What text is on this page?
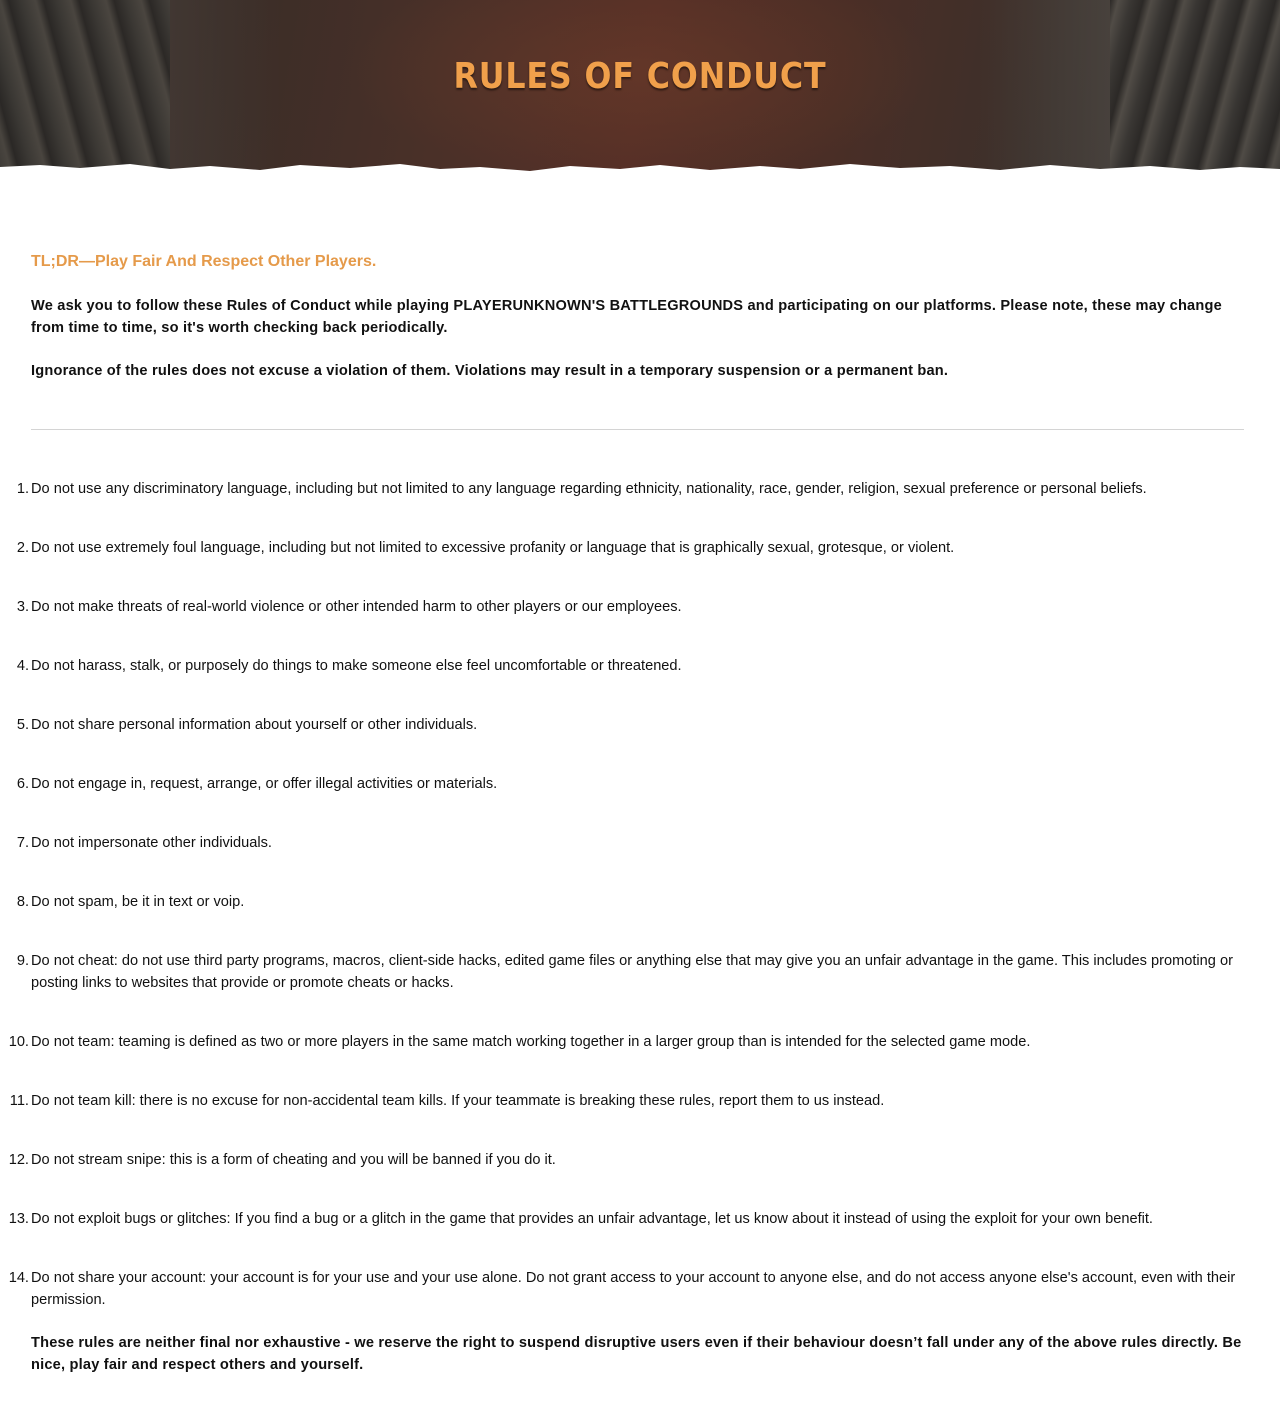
RULES OF CONDUCT

TL;DR—Play Fair And Respect Other Players.

We ask you to follow these Rules of Conduct while playing PLAYERUNKNOWN'S BATTLEGROUNDS and participating on our platforms. Please note, these may change from time to time, so it's worth checking back periodically.

Ignorance of the rules does not excuse a violation of them. Violations may result in a temporary suspension or a permanent ban.

1. Do not use any discriminatory language, including but not limited to any language regarding ethnicity, nationality, race, gender, religion, sexual preference or personal beliefs.
2. Do not use extremely foul language, including but not limited to excessive profanity or language that is graphically sexual, grotesque, or violent.
3. Do not make threats of real-world violence or other intended harm to other players or our employees.
4. Do not harass, stalk, or purposely do things to make someone else feel uncomfortable or threatened.
5. Do not share personal information about yourself or other individuals.
6. Do not engage in, request, arrange, or offer illegal activities or materials.
7. Do not impersonate other individuals.
8. Do not spam, be it in text or voip.
9. Do not cheat: do not use third party programs, macros, client-side hacks, edited game files or anything else that may give you an unfair advantage in the game. This includes promoting or posting links to websites that provide or promote cheats or hacks.
10. Do not team: teaming is defined as two or more players in the same match working together in a larger group than is intended for the selected game mode.
11. Do not team kill: there is no excuse for non-accidental team kills. If your teammate is breaking these rules, report them to us instead.
12. Do not stream snipe: this is a form of cheating and you will be banned if you do it.
13. Do not exploit bugs or glitches: If you find a bug or a glitch in the game that provides an unfair advantage, let us know about it instead of using the exploit for your own benefit.
14. Do not share your account: your account is for your use and your use alone. Do not grant access to your account to anyone else, and do not access anyone else's account, even with their permission.

These rules are neither final nor exhaustive - we reserve the right to suspend disruptive users even if their behaviour doesn’t fall under any of the above rules directly. Be nice, play fair and respect others and yourself.
